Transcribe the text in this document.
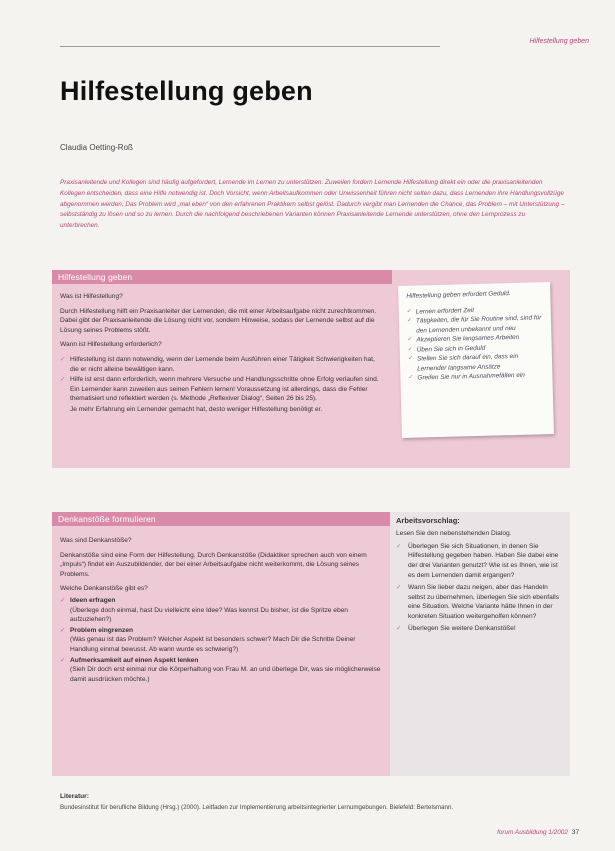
Hilfestellung geben
Hilfestellung geben
Claudia Oetting-Roß

Praxisanleitende und Kollegen sind häufig aufgefordert, Lernende im Lernen zu unterstützen. Zuweilen fordern Lernende Hilfestellung direkt ein oder die praxisanleitenden Kollegen entscheiden, dass eine Hilfe notwendig ist. Doch Vorsicht, wenn Arbeitsaufkommen oder Unwissenheit führen nicht selten dazu, dass Lernenden ihre Handlungsvollzüge abgenommen werden. Das Problem wird „mal eben“ von den erfahrenen Praktikern selbst gelöst. Dadurch vergibt man Lernenden die Chance, das Problem – mit Unterstützung – selbstständig zu lösen und so zu lernen. Durch die nachfolgend beschriebenen Varianten können Praxisanleitende Lernende unterstützen, ohne den Lernprozess zu unterbrechen.

Hilfestellung geben

Was ist Hilfestellung?

Durch Hilfestellung hilft ein Praxisanleiter der Lernenden, die mit einer Arbeitsaufgabe nicht zurechtkommen. Dabei gibt der Praxisanleitende die Lösung nicht vor, sondern Hinweise, sodass der Lernende selbst auf die Lösung seines Problems stößt.

Wann ist Hilfestellung erforderlich?

✓ Hilfestellung ist dann notwendig, wenn der Lernende beim Ausführen einer Tätigkeit Schwierigkeiten hat, die er nicht alleine bewältigen kann.
✓ Hilfe ist erst dann erforderlich, wenn mehrere Versuche und Handlungsschritte ohne Erfolg verlaufen sind. Ein Lernender kann zuweilen aus seinen Fehlern lernen! Voraussetzung ist allerdings, dass die Fehler thematisiert und reflektiert werden (s. Methode „Reflexiver Dialog“, Seiten 26 bis 25).
Je mehr Erfahrung ein Lernender gemacht hat, desto weniger Hilfestellung benötigt er.
Hilfestellung geben erfordert Geduld.
✓ Lernen erfordert Zeit
✓ Tätigkeiten, die für Sie Routine sind, sind für den Lernenden unbekannt und neu
✓ Akzeptieren Sie langsames Arbeiten
✓ Üben Sie sich in Geduld
✓ Stellen Sie sich darauf ein, dass ein Lernender langsame Ansätze
✓ Greifen Sie nur in Ausnahmefällen ein
Denkanstöße formulieren

Was sind Denkanstöße?

Denkanstöße sind eine Form der Hilfestellung. Durch Denkanstöße (Didaktiker sprechen auch von einem „Impuls“) findet ein Auszubildender, der bei einer Arbeitsaufgabe nicht weiterkommt, die Lösung seines Problems.

Welche Denkanstöße gibt es?

✓ Ideen erfragen
(Überlege doch einmal, hast Du vielleicht eine Idee? Was kennst Du bisher, ist die Spritze eben aufzuziehen?)
✓ Problem eingrenzen
(Was genau ist das Problem? Welcher Aspekt ist besonders schwer? Mach Dir die Schritte Deiner Handlung einmal bewusst. Ab wann wurde es schwierig?)
✓ Aufmerksamkeit auf einen Aspekt lenken
(Sieh Dir doch erst einmal nur die Körperhaltung von Frau M. an und überlege Dir, was sie möglicherweise damit ausdrücken möchte.)
Arbeitsvorschlag:
Lesen Sie den nebenstehenden Dialog.
✓ Überlegen Sie sich Situationen, in denen Sie Hilfestellung gegeben haben. Haben Sie dabei eine der drei Varianten genutzt? Wie ist es Ihnen, wie ist es dem Lernenden damit ergangen?
✓ Wann Sie lieber dazu neigen, aber das Handeln selbst zu übernehmen, überlegen Sie sich ebenfalls eine Situation. Welche Variante hätte Ihnen in der konkreten Situation weitergeholfen können?
✓ Überlegen Sie weitere Denkanstöße!
Literatur:

Bundesinstitut für berufliche Bildung (Hrsg.) (2000). Leitfaden zur Implementierung arbeitsintegrierter Lernumgebungen. Bielefeld: Bertelsmann.

forum Ausbildung 1/2002 37
